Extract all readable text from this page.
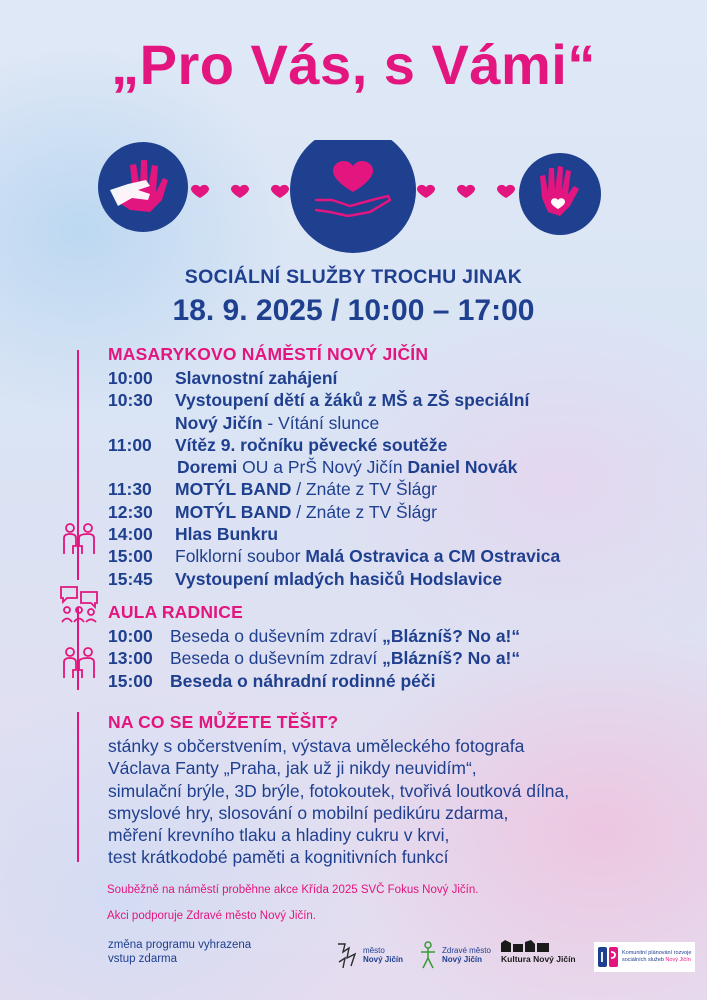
„Pro Vás, s Vámi“
SOCIÁLNÍ SLUŽBY TROCHU JINAK
18. 9. 2025 / 10:00 – 17:00
MASARYKOVO NÁMĚSTÍ NOVÝ JIČÍN
10:00	Slavnostní zahájení
10:30	Vystoupení dětí a žáků z MŠ a ZŠ speciální
Nový Jičín - Vítání slunce
11:00	Vítěz 9. ročníku pěvecké soutěže
Doremi OU a PrŠ Nový Jičín Daniel Novák
11:30	MOTÝL BAND / Znáte z TV Šlágr
12:30	MOTÝL BAND / Znáte z TV Šlágr
14:00	Hlas Bunkru
15:00	Folklorní soubor Malá Ostravica a CM Ostravica
15:45	Vystoupení mladých hasičů Hodslavice
AULA RADNICE
10:00 Beseda o duševním zdraví „Blázníš? No a!“
13:00 Beseda o duševním zdraví „Blázníš? No a!“
15:00 Beseda o náhradní rodinné péči
NA CO SE MŮŽETE TĚŠIT?
stánky s občerstvením, výstava uměleckého fotografa
Václava Fanty „Praha, jak už ji nikdy neuvidím“,
simulační brýle, 3D brýle, fotokoutek, tvořivá loutková dílna,
smyslové hry, slosování o mobilní pedikúru zdarma,
měření krevního tlaku a hladiny cukru v krvi,
test krátkodobé paměti a kognitivních funkcí
Souběžně na náměstí proběhne akce Křída 2025 SVČ Fokus Nový Jičín.
Akci podporuje Zdravé město Nový Jičín.
změna programu vyhrazena
vstup zdarma
město
Nový Jičín
Zdravé město
Nový Jičín	Kultura Nový Jičín
Komunitní plánování rozvoje
sociálních služeb Nový Jičín
